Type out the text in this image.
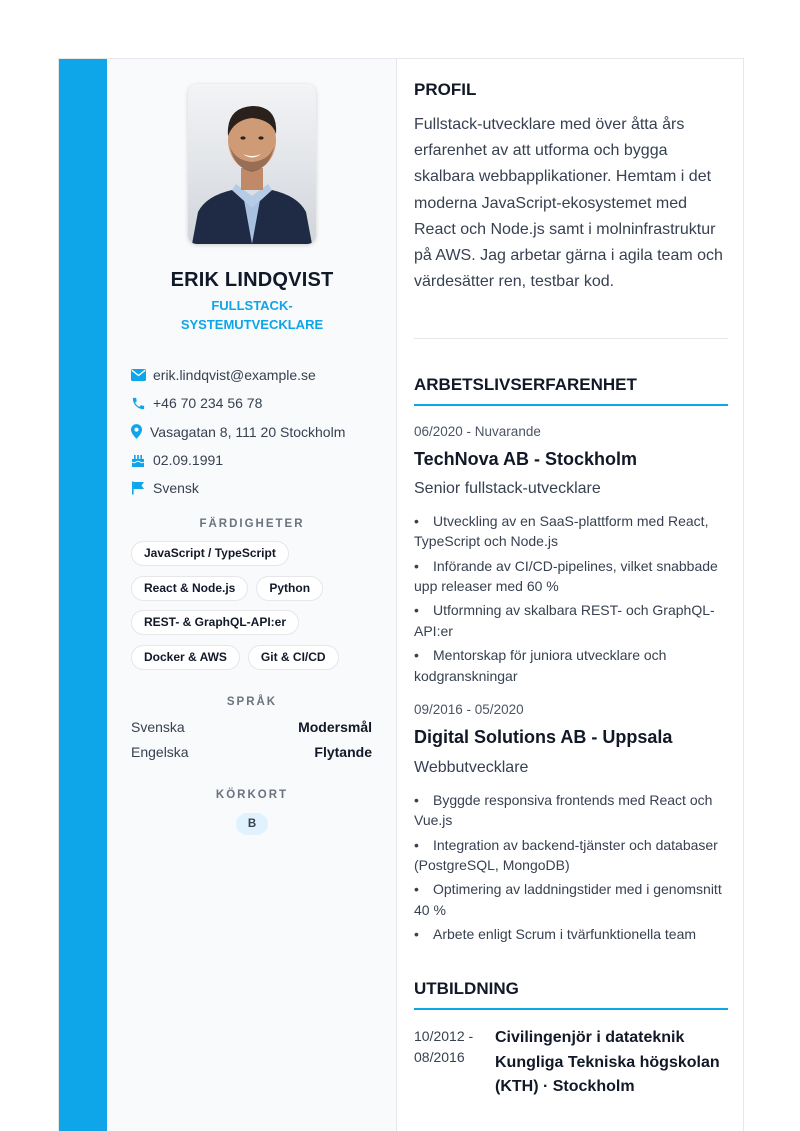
ERIK LINDQVIST
FULLSTACK-SYSTEMUTVECKLARE
erik.lindqvist@example.se
+46 70 234 56 78
Vasagatan 8, 111 20 Stockholm
02.09.1991
Svensk
FÄRDIGHETER
JavaScript / TypeScript
React & Node.js	Python
REST- & GraphQL-API:er
Docker & AWS	Git & CI/CD
SPRÅK
Svenska	Modersmål
Engelska	Flytande
KÖRKORT
B
PROFIL
Fullstack-utvecklare med över åtta års erfarenhet av att utforma och bygga skalbara webbapplikationer. Hemtam i det moderna JavaScript-ekosystemet med React och Node.js samt i molninfrastruktur på AWS. Jag arbetar gärna i agila team och värdesätter ren, testbar kod.
ARBETSLIVSERFARENHET
06/2020 - Nuvarande
TechNova AB - Stockholm
Senior fullstack-utvecklare
• Utveckling av en SaaS-plattform med React, TypeScript och Node.js
• Införande av CI/CD-pipelines, vilket snabbade upp releaser med 60 %
• Utformning av skalbara REST- och GraphQL-API:er
• Mentorskap för juniora utvecklare och kodgranskningar
09/2016 - 05/2020
Digital Solutions AB - Uppsala
Webbutvecklare
• Byggde responsiva frontends med React och Vue.js
• Integration av backend-tjänster och databaser (PostgreSQL, MongoDB)
• Optimering av laddningstider med i genomsnitt 40 %
• Arbete enligt Scrum i tvärfunktionella team
UTBILDNING
10/2012 - 08/2016
Civilingenjör i datateknik
Kungliga Tekniska högskolan (KTH) · Stockholm
